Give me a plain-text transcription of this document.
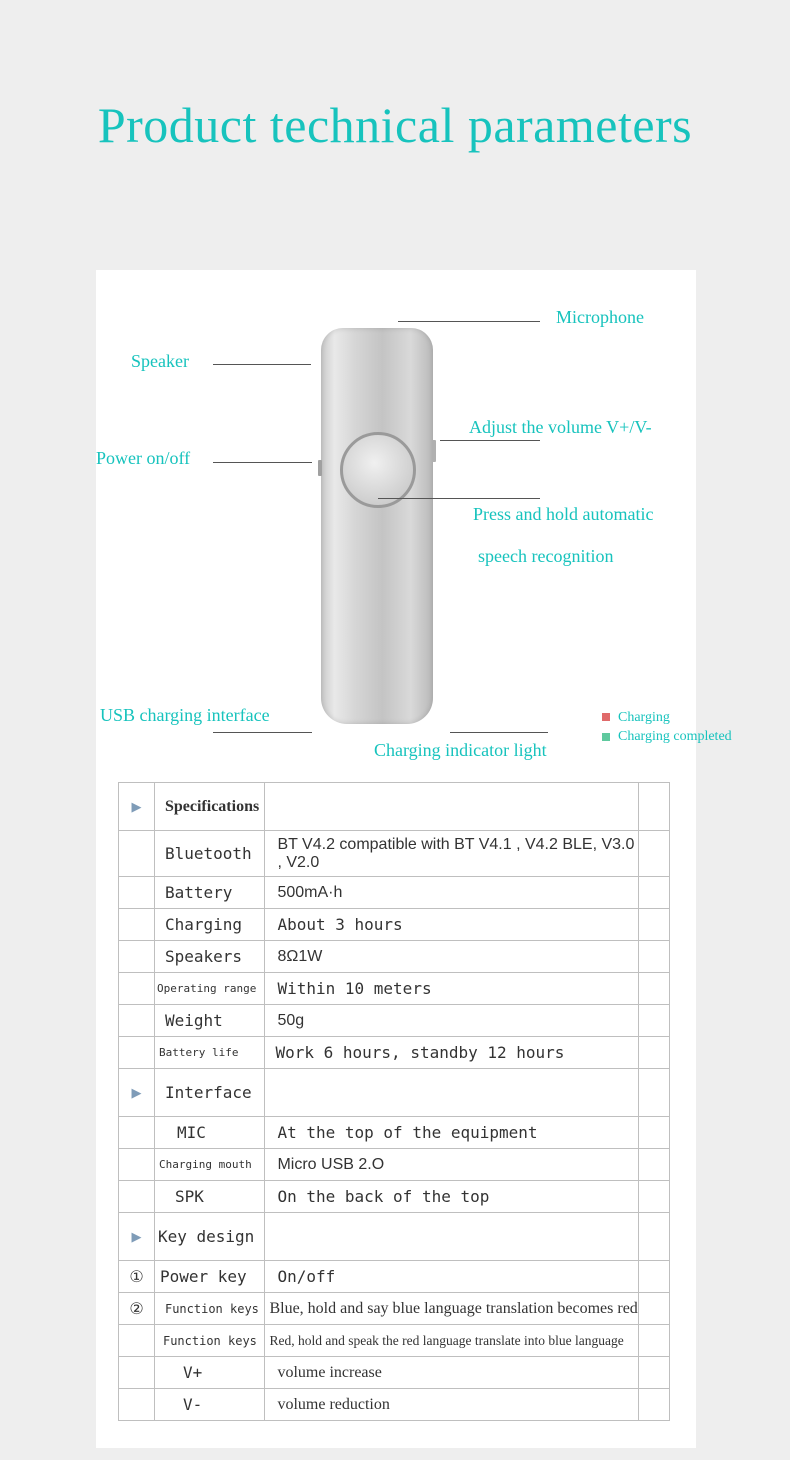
Product technical parameters
Microphone
Speaker
Adjust the volume V+/V-
Power on/off
Press and hold automatic
speech recognition
USB charging interface
Charging indicator light
Charging
Charging completed
▶	Specifications		
	Bluetooth	BT V4.2 compatible with BT V4.1 , V4.2 BLE, V3.0 , V2.0	
	Battery	500mA·h	
	Charging	About 3 hours	
	Speakers	8Ω1W	
	Operating range	Within 10 meters	
	Weight	50g	
	Battery life	Work 6 hours, standby 12 hours	
▶	Interface		
	MIC	At the top of the equipment	
	Charging mouth	Micro USB 2.O	
	SPK	On the back of the top	
▶	Key design		
①	Power key	On/off	
②	Function keys	Blue, hold and say blue language translation becomes red	
	Function keys	Red, hold and speak the red language translate into blue language	
	V+	volume increase	
	V-	volume reduction	
